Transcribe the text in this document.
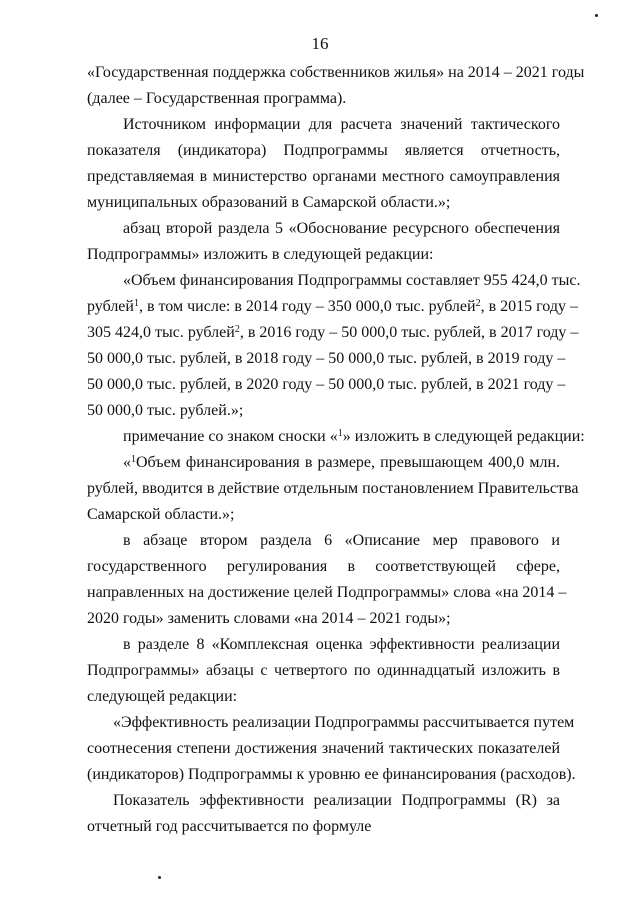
16
«Государственная поддержка собственников жилья» на 2014 – 2021 годы
(далее – Государственная программа).
Источником информации для расчета значений тактического
показателя (индикатора) Подпрограммы является отчетность,
представляемая в министерство органами местного самоуправления
муниципальных образований в Самарской области.»;
абзац второй раздела 5 «Обоснование ресурсного обеспечения
Подпрограммы» изложить в следующей редакции:
«Объем финансирования Подпрограммы составляет 955 424,0 тыс.
рублей$^1$, в том числе: в 2014 году – 350 000,0 тыс. рублей$^2$, в 2015 году –
305 424,0 тыс. рублей$^2$, в 2016 году – 50 000,0 тыс. рублей, в 2017 году –
50 000,0 тыс. рублей, в 2018 году – 50 000,0 тыс. рублей, в 2019 году –
50 000,0 тыс. рублей, в 2020 году – 50 000,0 тыс. рублей, в 2021 году –
50 000,0 тыс. рублей.»;
примечание со знаком сноски «$^1$» изложить в следующей редакции:
«$^1$Объем финансирования в размере, превышающем 400,0 млн.
рублей, вводится в действие отдельным постановлением Правительства
Самарской области.»;
в абзаце втором раздела 6 «Описание мер правового и
государственного регулирования в соответствующей сфере,
направленных на достижение целей Подпрограммы» слова «на 2014 –
2020 годы» заменить словами «на 2014 – 2021 годы»;
в разделе 8 «Комплексная оценка эффективности реализации
Подпрограммы» абзацы с четвертого по одиннадцатый изложить в
следующей редакции:
«Эффективность реализации Подпрограммы рассчитывается путем
соотнесения степени достижения значений тактических показателей
(индикаторов) Подпрограммы к уровню ее финансирования (расходов).
Показатель эффективности реализации Подпрограммы (R) за
отчетный год рассчитывается по формуле
